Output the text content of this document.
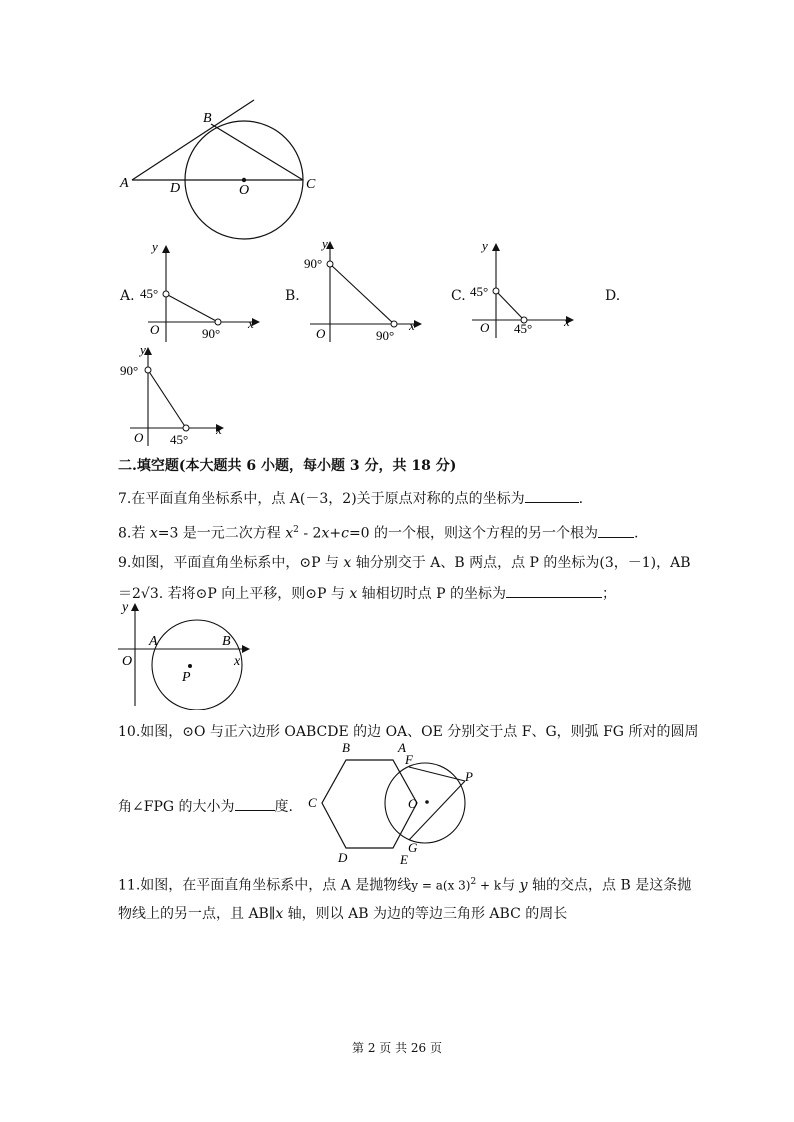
A
B
C
D	O
A.
y
x
O
45°
90°
B.
y
x
O
90°
90°
C.
y
x
O
45°
45°
D.
y
x
O
90°
45°
二.填空题(本大题共 6 小题，每小题 3 分，共 18 分)
7.在平面直角坐标系中，点 A(－3，2)关于原点对称的点的坐标为	.
8.若 x=3 是一元二次方程 $x^2 - 2x+c=0$ 的一个根，则这个方程的另一个根为	.
9.如图，平面直角坐标系中，⊙P 与 x 轴分别交于 A、B 两点，点 P 的坐标为(3，－1)，AB
＝2√3. 若将⊙P 向上平移，则⊙P 与 x 轴相切时点 P 的坐标为	；
y
x
O
A	B
P
10.如图，⊙O 与正六边形 OABCDE 的边 OA、OE 分别交于点 F、G，则弧 FG 所对的圆周
角∠FPG 的大小为	度.
B	A
F
P
C	O
G
D	E
11.如图，在平面直角坐标系中，点 A 是抛物线y = a(x 3)$^2$ + k与 y 轴的交点，点 B 是这条抛
物线上的另一点，且 AB∥x 轴，则以 AB 为边的等边三角形 ABC 的周长
第 2 页 共 26 页
